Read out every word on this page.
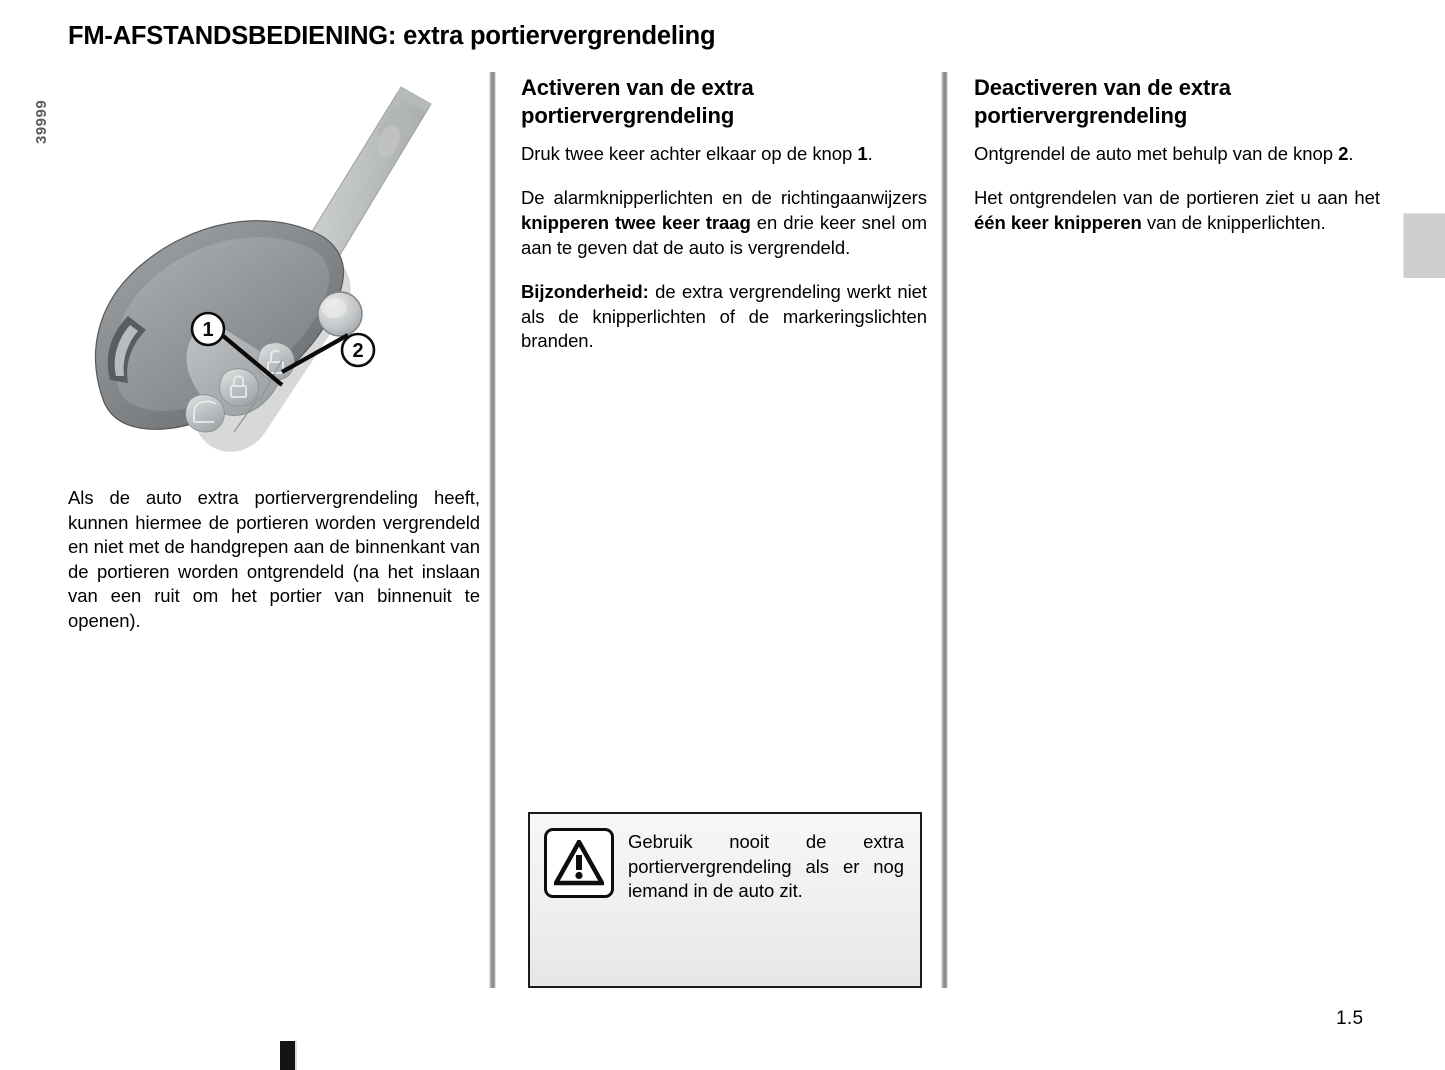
FM-AFSTANDSBEDIENING: extra portiervergrendeling
39999
1
2

Als de auto extra portiervergrendeling heeft, kunnen hiermee de portieren worden vergrendeld en niet met de handgrepen aan de binnenkant van de portieren worden ontgrendeld (na het inslaan van een ruit om het portier van binnenuit te openen).

Activeren van de extra portiervergrendeling

Druk twee keer achter elkaar op de knop 1.

De alarmknipperlichten en de richtingaanwijzers knipperen twee keer traag en drie keer snel om aan te geven dat de auto is vergrendeld.

Bijzonderheid: de extra vergrendeling werkt niet als de knipperlichten of de markeringslichten branden.

Deactiveren van de extra portiervergrendeling

Ontgrendel de auto met behulp van de knop 2.

Het ontgrendelen van de portieren ziet u aan het één keer knipperen van de knipperlichten.

Gebruik nooit de extra portiervergrendeling als er nog iemand in de auto zit.
1.5
